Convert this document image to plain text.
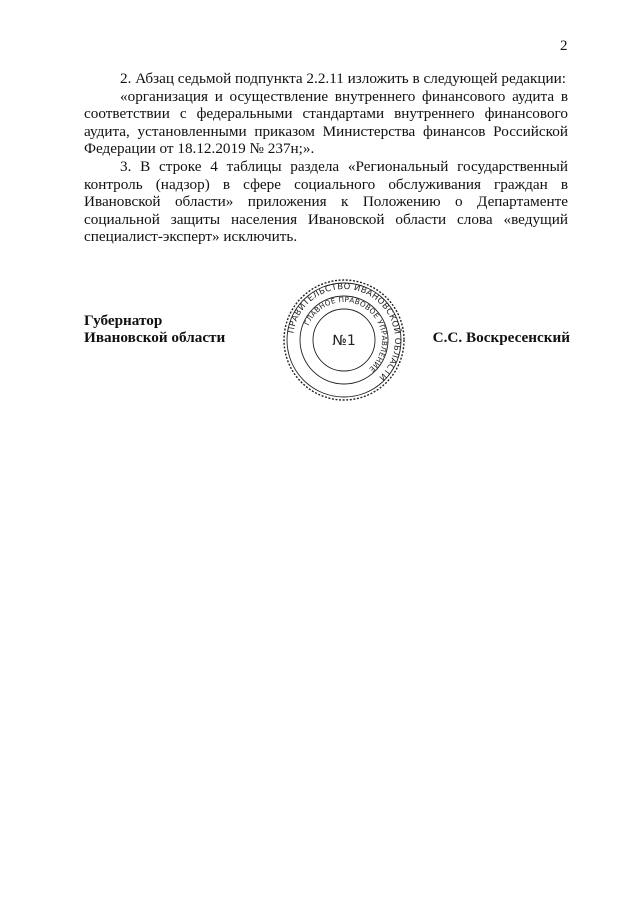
2

2. Абзац седьмой подпункта 2.2.11 изложить в следующей редакции:

«организация и осуществление внутреннего финансового аудита в соответствии с федеральными стандартами внутреннего финансового аудита, установленными приказом Министерства финансов Российской Федерации от 18.12.2019 № 237н;».

3. В строке 4 таблицы раздела «Региональный государственный контроль (надзор) в сфере социального обслуживания граждан в Ивановской области» приложения к Положению о Департаменте социальной защиты населения Ивановской области слова «ведущий специалист-эксперт» исключить.

Губернатор
Ивановской области	ПРАВИТЕЛЬСТВО ИВАНОВСКОЙ ОБЛАСТИ
ГЛАВНОЕ ПРАВОВОЕ УПРАВЛЕНИЕ
№1	С.С. Воскресенский
